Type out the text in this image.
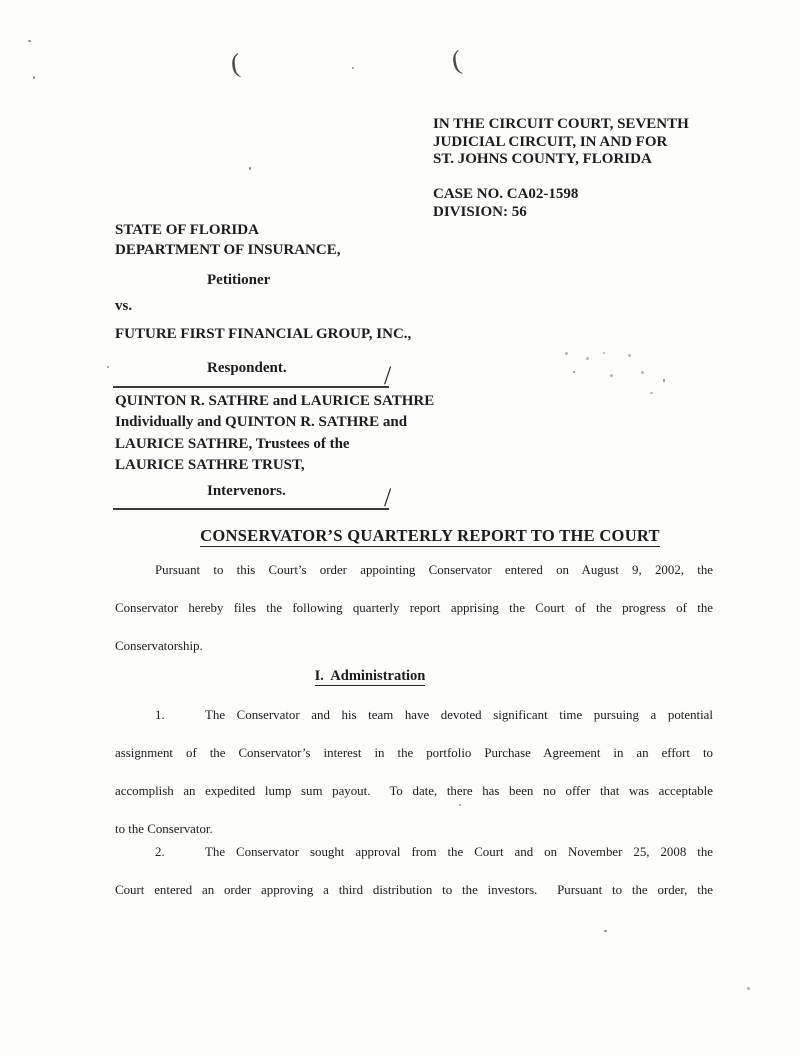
(	(
IN THE CIRCUIT COURT, SEVENTH
JUDICIAL CIRCUIT, IN AND FOR
ST. JOHNS COUNTY, FLORIDA
CASE NO. CA02-1598
DIVISION: 56
STATE OF FLORIDA
DEPARTMENT OF INSURANCE,
Petitioner
vs.
FUTURE FIRST FINANCIAL GROUP, INC.,
Respondent.	/
QUINTON R. SATHRE and LAURICE SATHRE
Individually and QUINTON R. SATHRE and
LAURICE SATHRE, Trustees of the
LAURICE SATHRE TRUST,
Intervenors.	/
CONSERVATOR’S QUARTERLY REPORT TO THE COURT
Pursuant to this Court’s order appointing Conservator entered on August 9, 2002, the
Conservator hereby files the following quarterly report apprising the Court of the progress of the
Conservatorship.
I.  Administration
1.	The Conservator and his team have devoted significant time pursuing a potential
assignment of the Conservator’s interest in the portfolio Purchase Agreement in an effort to
accomplish an expedited lump sum payout.  To date, there has been no offer that was acceptable
to the Conservator.
2.	The Conservator sought approval from the Court and on November 25, 2008 the
Court entered an order approving a third distribution to the investors.  Pursuant to the order, the
